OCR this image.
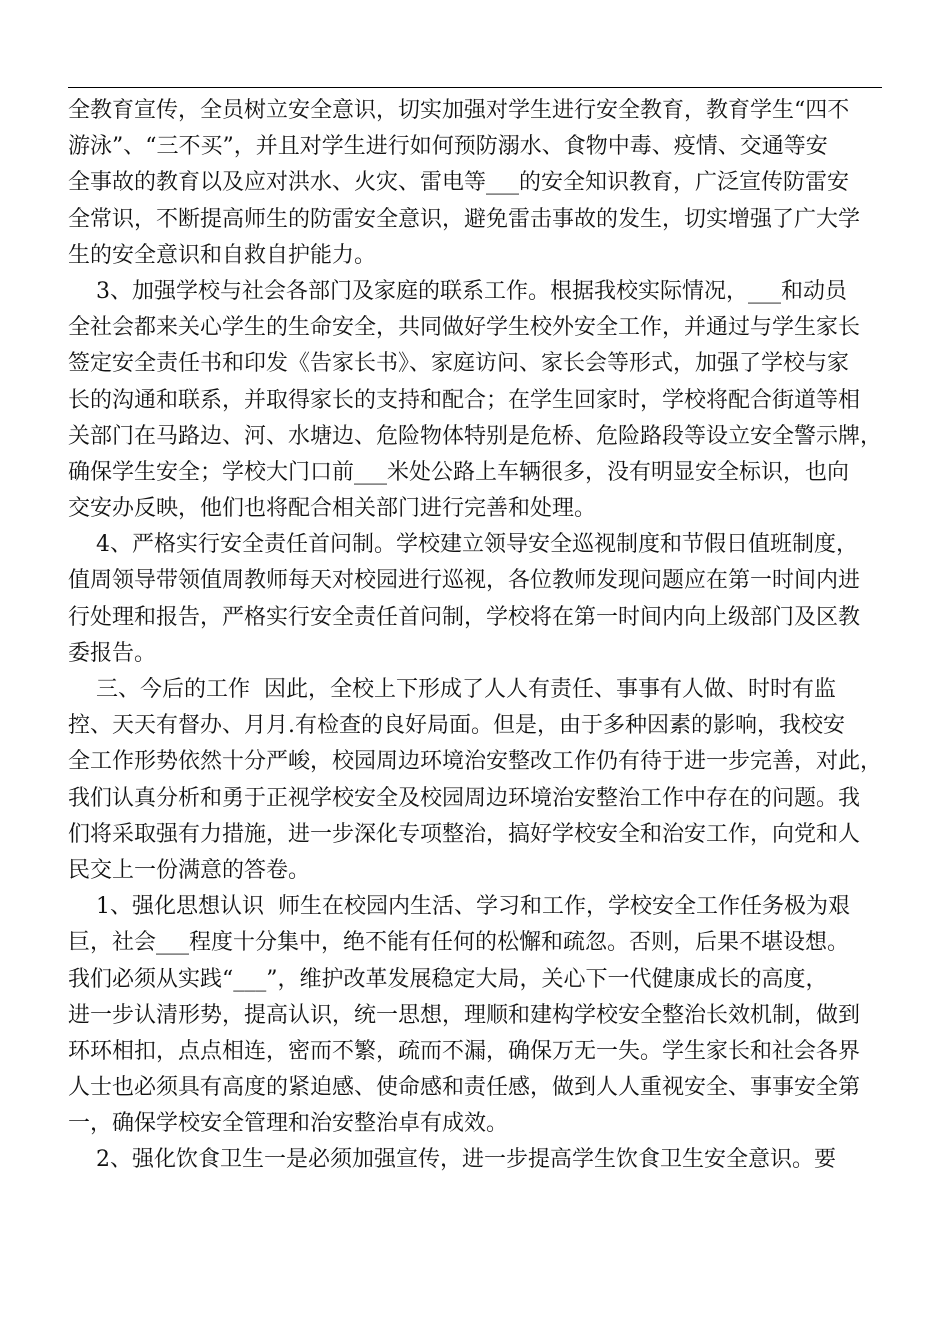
全教育宣传，全员树立安全意识，切实加强对学生进行安全教育，教育学生“四不
游泳”、“三不买”，并且对学生进行如何预防溺水、食物中毒、疫情、交通等安
全事故的教育以及应对洪水、火灾、雷电等___的安全知识教育，广泛宣传防雷安
全常识，不断提高师生的防雷安全意识，避免雷击事故的发生，切实增强了广大学
生的安全意识和自救自护能力。
3、加强学校与社会各部门及家庭的联系工作。根据我校实际情况，___和动员
全社会都来关心学生的生命安全，共同做好学生校外安全工作，并通过与学生家长
签定安全责任书和印发《告家长书》、家庭访问、家长会等形式，加强了学校与家
长的沟通和联系，并取得家长的支持和配合；在学生回家时，学校将配合街道等相
关部门在马路边、河、水塘边、危险物体特别是危桥、危险路段等设立安全警示牌，
确保学生安全；学校大门口前___米处公路上车辆很多，没有明显安全标识，也向
交安办反映，他们也将配合相关部门进行完善和处理。
4、严格实行安全责任首问制。学校建立领导安全巡视制度和节假日值班制度，
值周领导带领值周教师每天对校园进行巡视，各位教师发现问题应在第一时间内进
行处理和报告，严格实行安全责任首问制，学校将在第一时间内向上级部门及区教
委报告。
三、今后的工作  因此，全校上下形成了人人有责任、事事有人做、时时有监
控、天天有督办、月月.有检查的良好局面。但是，由于多种因素的影响，我校安
全工作形势依然十分严峻，校园周边环境治安整改工作仍有待于进一步完善，对此，
我们认真分析和勇于正视学校安全及校园周边环境治安整治工作中存在的问题。我
们将采取强有力措施，进一步深化专项整治，搞好学校安全和治安工作，向党和人
民交上一份满意的答卷。
1、强化思想认识  师生在校园内生活、学习和工作，学校安全工作任务极为艰
巨，社会___程度十分集中，绝不能有任何的松懈和疏忽。否则，后果不堪设想。
我们必须从实践“___”，维护改革发展稳定大局，关心下一代健康成长的高度，
进一步认清形势，提高认识，统一思想，理顺和建构学校安全整治长效机制，做到
环环相扣，点点相连，密而不繁，疏而不漏，确保万无一失。学生家长和社会各界
人士也必须具有高度的紧迫感、使命感和责任感，做到人人重视安全、事事安全第
一，确保学校安全管理和治安整治卓有成效。
2、强化饮食卫生一是必须加强宣传，进一步提高学生饮食卫生安全意识。要
